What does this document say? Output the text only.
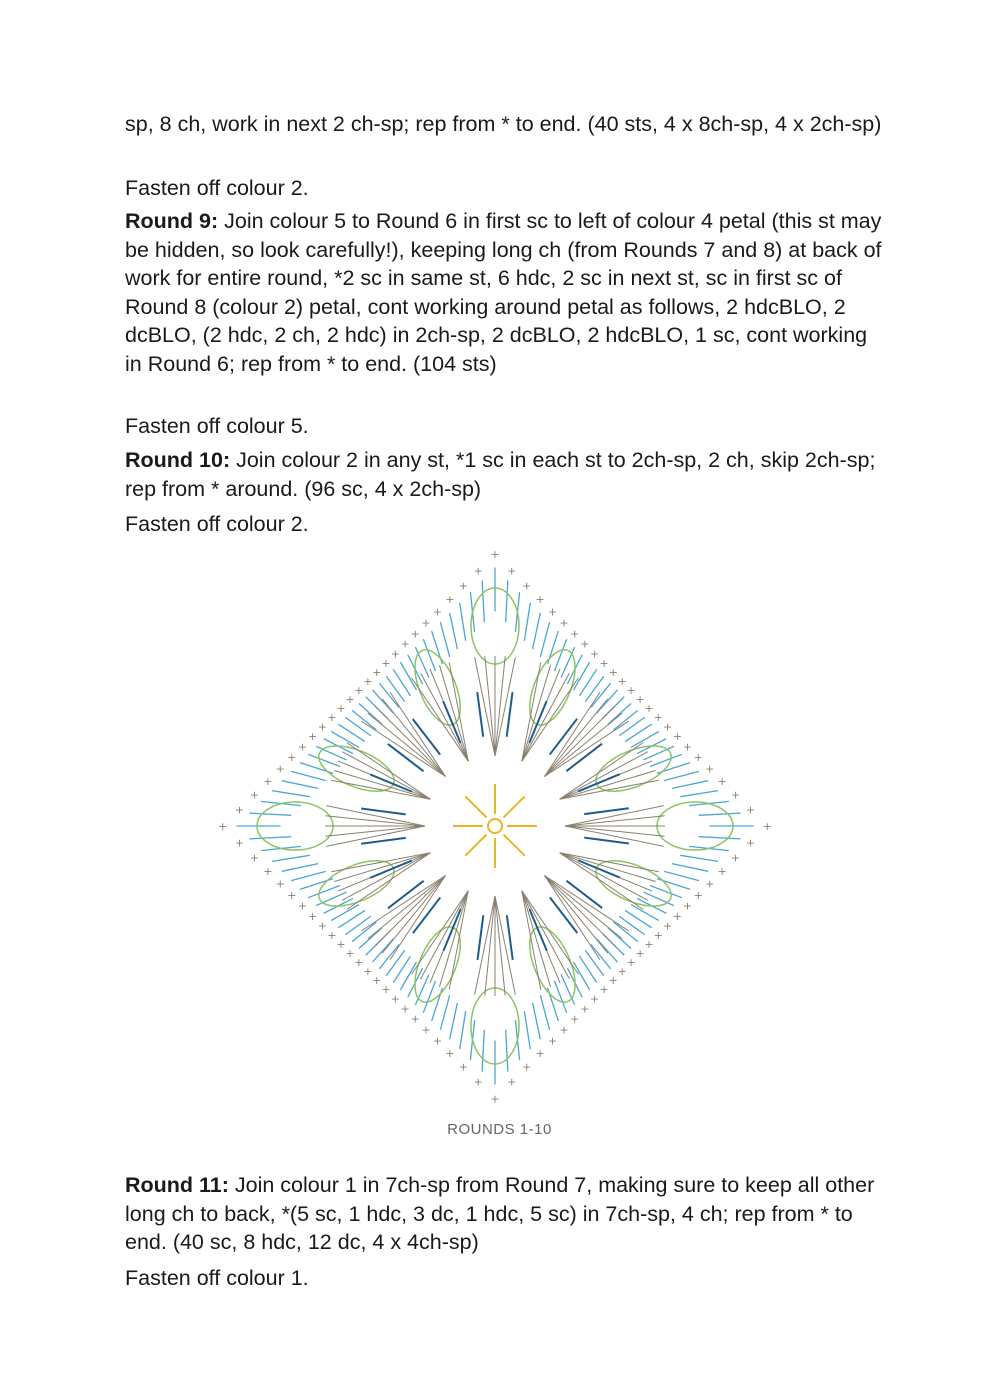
sp, 8 ch, work in next 2 ch-sp; rep from * to end. (40 sts, 4 x 8ch-sp, 4 x 2ch-sp)

Fasten off colour 2.

Round 9: Join colour 5 to Round 6 in first sc to left of colour 4 petal (this st may be hidden, so look carefully!), keeping long ch (from Rounds 7 and 8) at back of work for entire round, *2 sc in same st, 6 hdc, 2 sc in next st, sc in first sc of Round 8 (colour 2) petal, cont working around petal as follows, 2 hdcBLO, 2 dcBLO, (2 hdc, 2 ch, 2 hdc) in 2ch-sp, 2 dcBLO, 2 hdcBLO, 1 sc, cont working in Round 6; rep from * to end. (104 sts)

Fasten off colour 5.

Round 10: Join colour 2 in any st, *1 sc in each st to 2ch-sp, 2 ch, skip 2ch-sp; rep from * around. (96 sc, 4 x 2ch-sp)

Fasten off colour 2.

+
+
+
+
+
+
+
+
+
+
+
+
+
+
+
+
+
+
+
+
+
+
+
+
+
+
+
+
+
+
+
+
+
+
+
+
+
+
+
+
+
+
+
+
+
+
+
+
+
+
+
+
+
+
+
+
+
+
+
+
+
+
+
+
+
+
+
+
+
+
+
+
+
+
+
+
+
+
+
+
+
+
+
+
+
+
+
+
+
+
+
+
+
+
+
+
ROUNDS 1-10

Round 11: Join colour 1 in 7ch-sp from Round 7, making sure to keep all other long ch to back, *(5 sc, 1 hdc, 3 dc, 1 hdc, 5 sc) in 7ch-sp, 4 ch; rep from * to end. (40 sc, 8 hdc, 12 dc, 4 x 4ch-sp)

Fasten off colour 1.
